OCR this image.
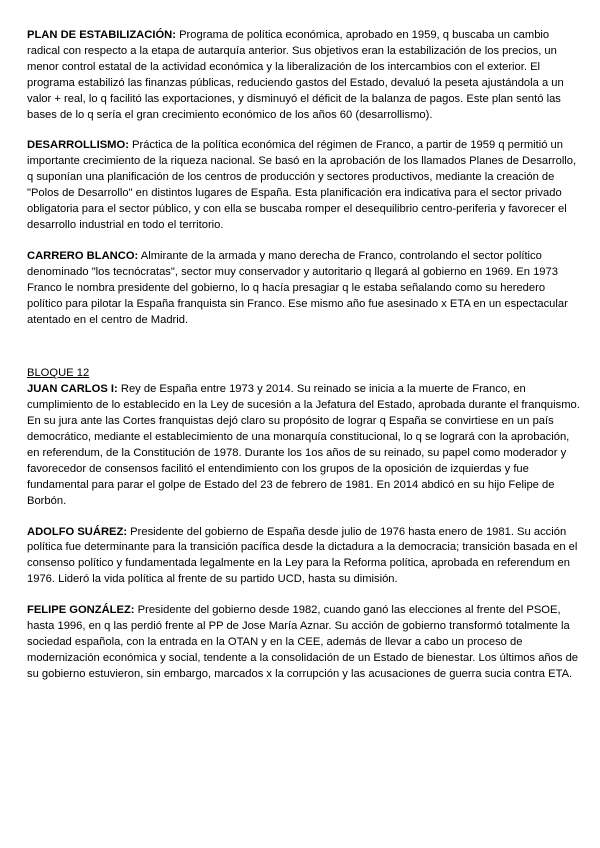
PLAN DE ESTABILIZACIÓN: Programa de política económica, aprobado en 1959, q buscaba un cambio radical con respecto a la etapa de autarquía anterior. Sus objetivos eran la estabilización de los precios, un menor control estatal de la actividad económica y la liberalización de los intercambios con el exterior. El programa estabilizó las finanzas públicas, reduciendo gastos del Estado, devaluó la peseta ajustándola a un valor + real, lo q facilitó las exportaciones, y disminuyó el déficit de la balanza de pagos. Este plan sentó las bases de lo q sería el gran crecimiento económico de los años 60 (desarrollismo).

DESARROLLISMO: Práctica de la política económica del régimen de Franco, a partir de 1959 q permitió un importante crecimiento de la riqueza nacional. Se basó en la aprobación de los llamados Planes de Desarrollo, q suponían una planificación de los centros de producción y sectores productivos, mediante la creación de "Polos de Desarrollo" en distintos lugares de España. Esta planificación era indicativa para el sector privado obligatoria para el sector público, y con ella se buscaba romper el desequilibrio centro-periferia y favorecer el desarrollo industrial en todo el territorio.

CARRERO BLANCO: Almirante de la armada y mano derecha de Franco, controlando el sector político denominado "los tecnócratas", sector muy conservador y autoritario q llegará al gobierno en 1969. En 1973 Franco le nombra presidente del gobierno, lo q hacía presagiar q le estaba señalando como su heredero político para pilotar la España franquista sin Franco. Ese mismo año fue asesinado x ETA en un espectacular atentado en el centro de Madrid.

BLOQUE 12

JUAN CARLOS I: Rey de España entre 1973 y 2014. Su reinado se inicia a la muerte de Franco, en cumplimiento de lo establecido en la Ley de sucesión a la Jefatura del Estado, aprobada durante el franquismo. En su jura ante las Cortes franquistas dejó claro su propósito de lograr q España se convirtiese en un país democrático, mediante el establecimiento de una monarquía constitucional, lo q se logrará con la aprobación, en referendum, de la Constitución de 1978. Durante los 1os años de su reinado, su papel como moderador y favorecedor de consensos facilitó el entendimiento con los grupos de la oposición de izquierdas y fue fundamental para parar el golpe de Estado del 23 de febrero de 1981. En 2014 abdicó en su hijo Felipe de Borbón.

ADOLFO SUÁREZ: Presidente del gobierno de España desde julio de 1976 hasta enero de 1981. Su acción política fue determinante para la transición pacífica desde la dictadura a la democracia; transición basada en el consenso político y fundamentada legalmente en la Ley para la Reforma política, aprobada en referendum en 1976. Lideró la vida política al frente de su partido UCD, hasta su dimisión.

FELIPE GONZÁLEZ: Presidente del gobierno desde 1982, cuando ganó las elecciones al frente del PSOE, hasta 1996, en q las perdió frente al PP de Jose María Aznar. Su acción de gobierno transformó totalmente la sociedad española, con la entrada en la OTAN y en la CEE, además de llevar a cabo un proceso de modernización económica y social, tendente a la consolidación de un Estado de bienestar. Los últimos años de su gobierno estuvieron, sin embargo, marcados x la corrupción y las acusaciones de guerra sucia contra ETA.
